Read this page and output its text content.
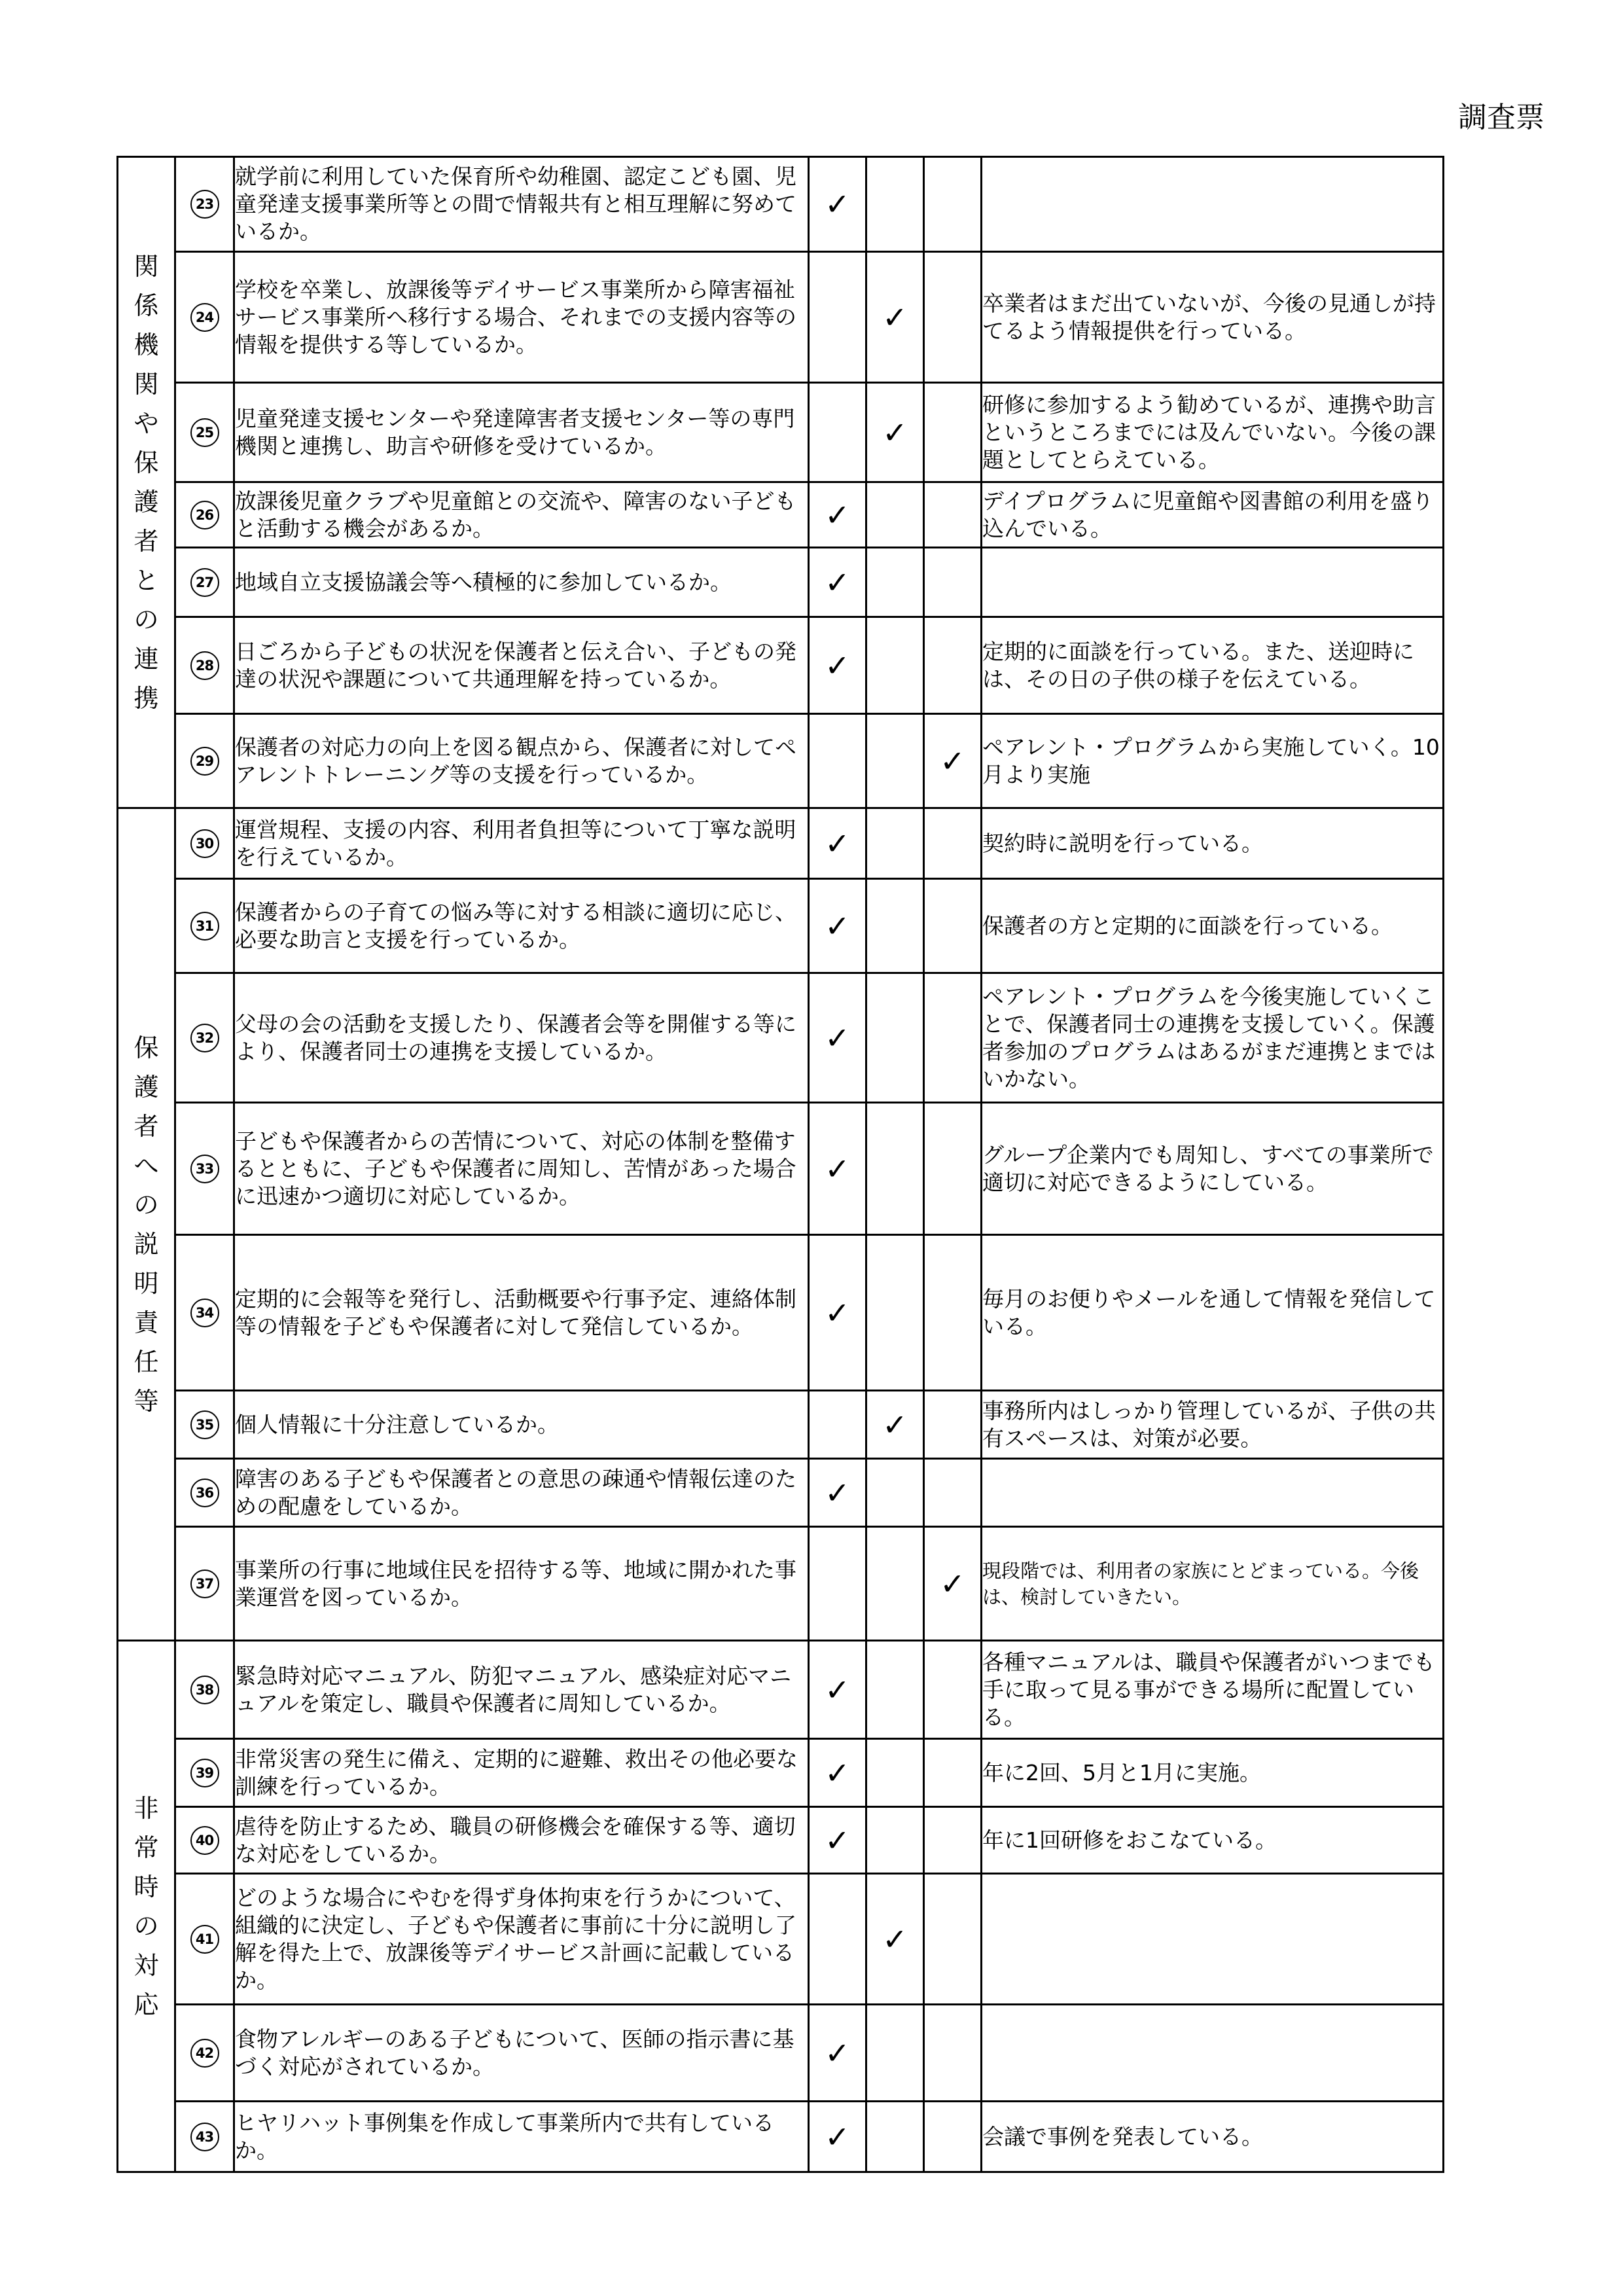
調査票
関係機関や保護者との連携	23	就学前に利用していた保育所や幼稚園、認定こども園、児童発達支援事業所等との間で情報共有と相互理解に努めているか。	✓			
	24	学校を卒業し、放課後等デイサービス事業所から障害福祉サービス事業所へ移行する場合、それまでの支援内容等の情報を提供する等しているか。		✓		卒業者はまだ出ていないが、今後の見通しが持てるよう情報提供を行っている。
	25	児童発達支援センターや発達障害者支援センター等の専門機関と連携し、助言や研修を受けているか。		✓		研修に参加するよう勧めているが、連携や助言というところまでには及んでいない。今後の課題としてとらえている。
	26	放課後児童クラブや児童館との交流や、障害のない子どもと活動する機会があるか。	✓			デイプログラムに児童館や図書館の利用を盛り込んでいる。
	27	地域自立支援協議会等へ積極的に参加しているか。	✓			
	28	日ごろから子どもの状況を保護者と伝え合い、子どもの発達の状況や課題について共通理解を持っているか。	✓			定期的に面談を行っている。また、送迎時には、その日の子供の様子を伝えている。
	29	保護者の対応力の向上を図る観点から、保護者に対してペアレントトレーニング等の支援を行っているか。			✓	ペアレント・プログラムから実施していく。10月より実施
保護者への説明責任等	30	運営規程、支援の内容、利用者負担等について丁寧な説明を行えているか。	✓			契約時に説明を行っている。
	31	保護者からの子育ての悩み等に対する相談に適切に応じ、必要な助言と支援を行っているか。	✓			保護者の方と定期的に面談を行っている。
	32	父母の会の活動を支援したり、保護者会等を開催する等により、保護者同士の連携を支援しているか。	✓			ペアレント・プログラムを今後実施していくことで、保護者同士の連携を支援していく。保護者参加のプログラムはあるがまだ連携とまではいかない。
	33	子どもや保護者からの苦情について、対応の体制を整備するとともに、子どもや保護者に周知し、苦情があった場合に迅速かつ適切に対応しているか。	✓			グループ企業内でも周知し、すべての事業所で適切に対応できるようにしている。
	34	定期的に会報等を発行し、活動概要や行事予定、連絡体制等の情報を子どもや保護者に対して発信しているか。	✓			毎月のお便りやメールを通して情報を発信している。
	35	個人情報に十分注意しているか。		✓		事務所内はしっかり管理しているが、子供の共有スペースは、対策が必要。
	36	障害のある子どもや保護者との意思の疎通や情報伝達のための配慮をしているか。	✓			
	37	事業所の行事に地域住民を招待する等、地域に開かれた事業運営を図っているか。			✓	現段階では、利用者の家族にとどまっている。今後は、検討していきたい。
非常時の対応	38	緊急時対応マニュアル、防犯マニュアル、感染症対応マニュアルを策定し、職員や保護者に周知しているか。	✓			各種マニュアルは、職員や保護者がいつまでも手に取って見る事ができる場所に配置している。
	39	非常災害の発生に備え、定期的に避難、救出その他必要な訓練を行っているか。	✓			年に2回、5月と1月に実施。
	40	虐待を防止するため、職員の研修機会を確保する等、適切な対応をしているか。	✓			年に1回研修をおこなている。
	41	どのような場合にやむを得ず身体拘束を行うかについて、組織的に決定し、子どもや保護者に事前に十分に説明し了解を得た上で、放課後等デイサービス計画に記載しているか。		✓		
	42	食物アレルギーのある子どもについて、医師の指示書に基づく対応がされているか。	✓			
	43	ヒヤリハット事例集を作成して事業所内で共有しているか。	✓			会議で事例を発表している。
